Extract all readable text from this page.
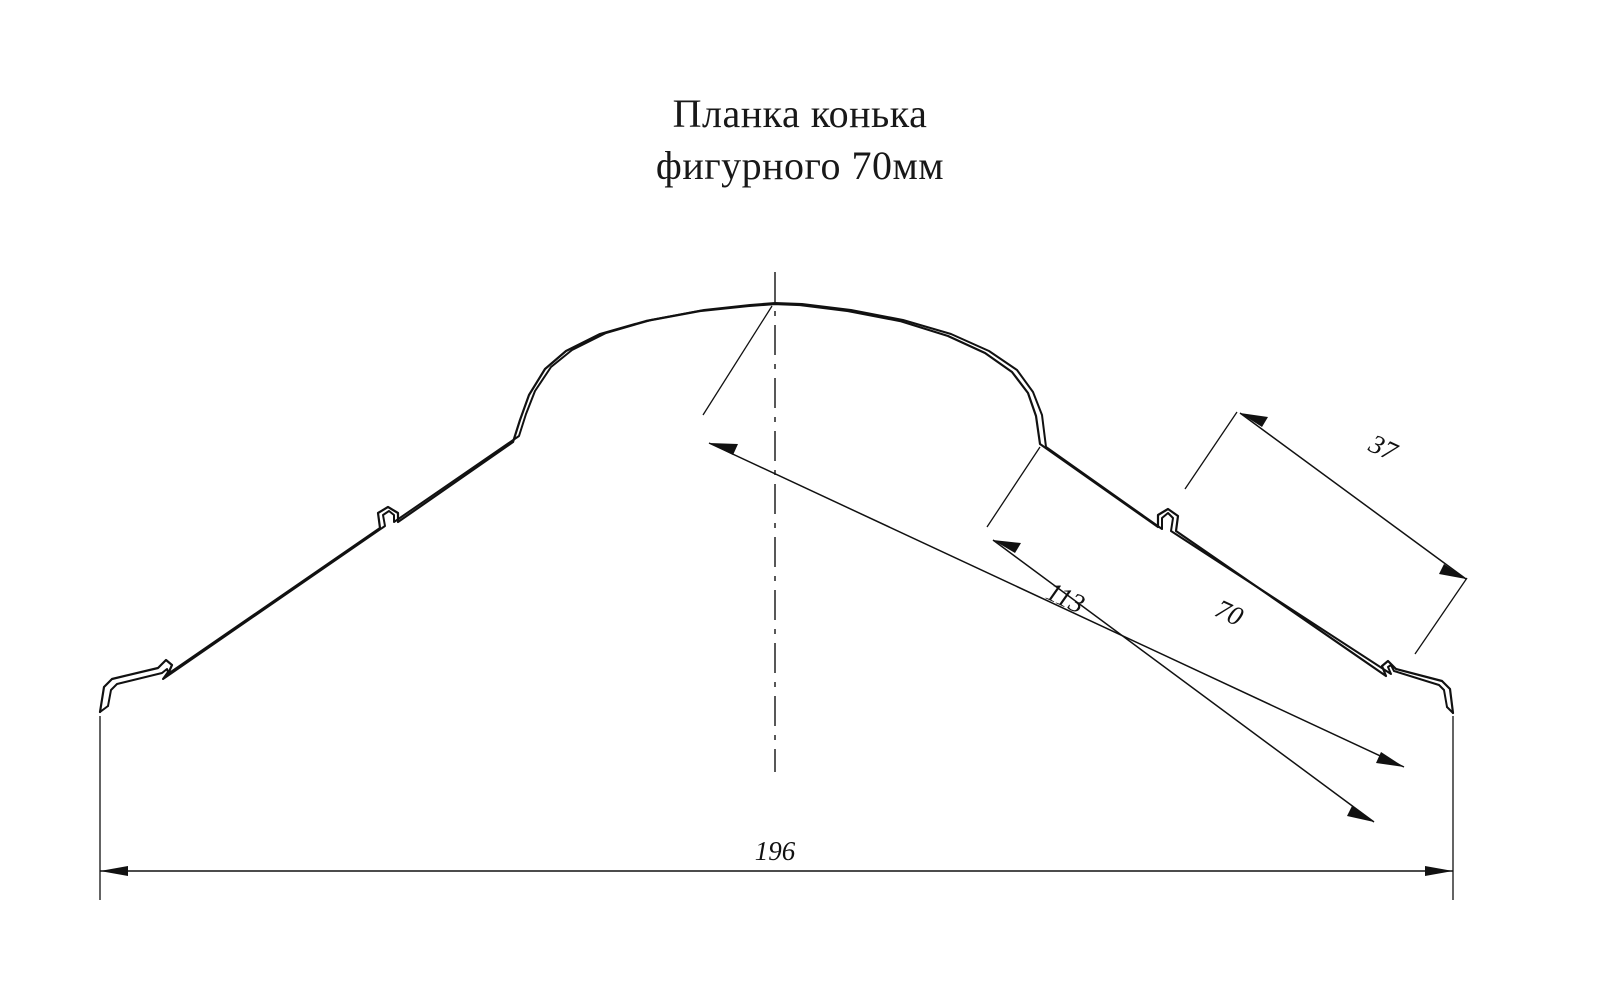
Планка конька
фигурного 70мм
196
113	70
37
